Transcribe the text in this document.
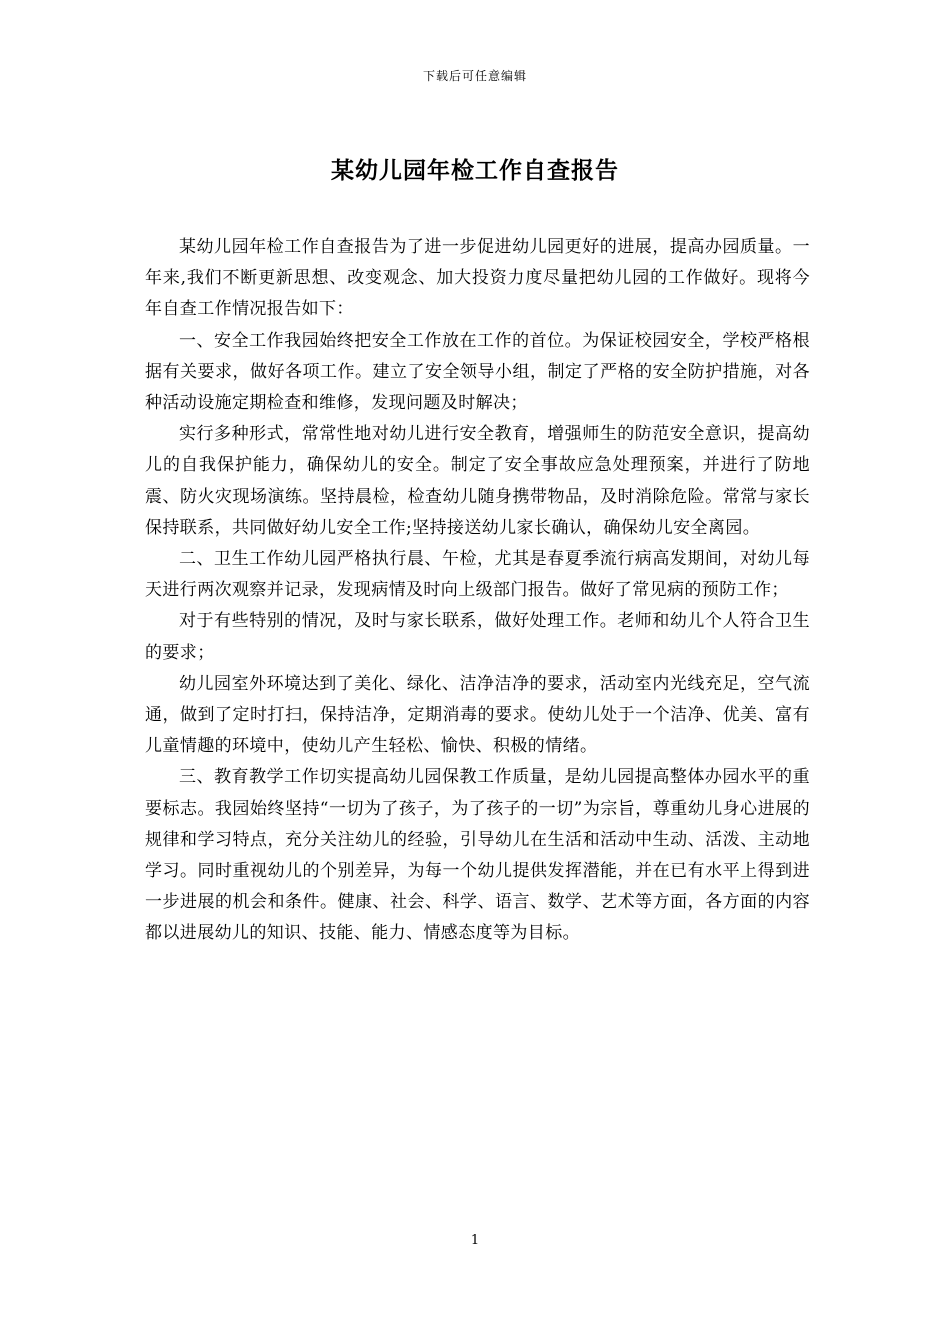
下载后可任意编辑
某幼儿园年检工作自查报告

某幼儿园年检工作自查报告为了进一步促进幼儿园更好的进展，提高办园质量。一年来,我们不断更新思想、改变观念、加大投资力度尽量把幼儿园的工作做好。现将今年自查工作情况报告如下：

一、安全工作我园始终把安全工作放在工作的首位。为保证校园安全，学校严格根据有关要求，做好各项工作。建立了安全领导小组，制定了严格的安全防护措施，对各种活动设施定期检查和维修，发现问题及时解决；

实行多种形式，常常性地对幼儿进行安全教育，增强师生的防范安全意识，提高幼儿的自我保护能力，确保幼儿的安全。制定了安全事故应急处理预案，并进行了防地震、防火灾现场演练。坚持晨检，检查幼儿随身携带物品，及时消除危险。常常与家长保持联系，共同做好幼儿安全工作;坚持接送幼儿家长确认，确保幼儿安全离园。

二、卫生工作幼儿园严格执行晨、午检，尤其是春夏季流行病高发期间，对幼儿每天进行两次观察并记录，发现病情及时向上级部门报告。做好了常见病的预防工作；

对于有些特别的情况，及时与家长联系，做好处理工作。老师和幼儿个人符合卫生的要求；

幼儿园室外环境达到了美化、绿化、洁净洁净的要求，活动室内光线充足，空气流通，做到了定时打扫，保持洁净，定期消毒的要求。使幼儿处于一个洁净、优美、富有儿童情趣的环境中，使幼儿产生轻松、愉快、积极的情绪。

三、教育教学工作切实提高幼儿园保教工作质量，是幼儿园提高整体办园水平的重要标志。我园始终坚持“一切为了孩子，为了孩子的一切”为宗旨，尊重幼儿身心进展的规律和学习特点，充分关注幼儿的经验，引导幼儿在生活和活动中生动、活泼、主动地学习。同时重视幼儿的个别差异，为每一个幼儿提供发挥潜能，并在已有水平上得到进一步进展的机会和条件。健康、社会、科学、语言、数学、艺术等方面，各方面的内容都以进展幼儿的知识、技能、能力、情感态度等为目标。

1
